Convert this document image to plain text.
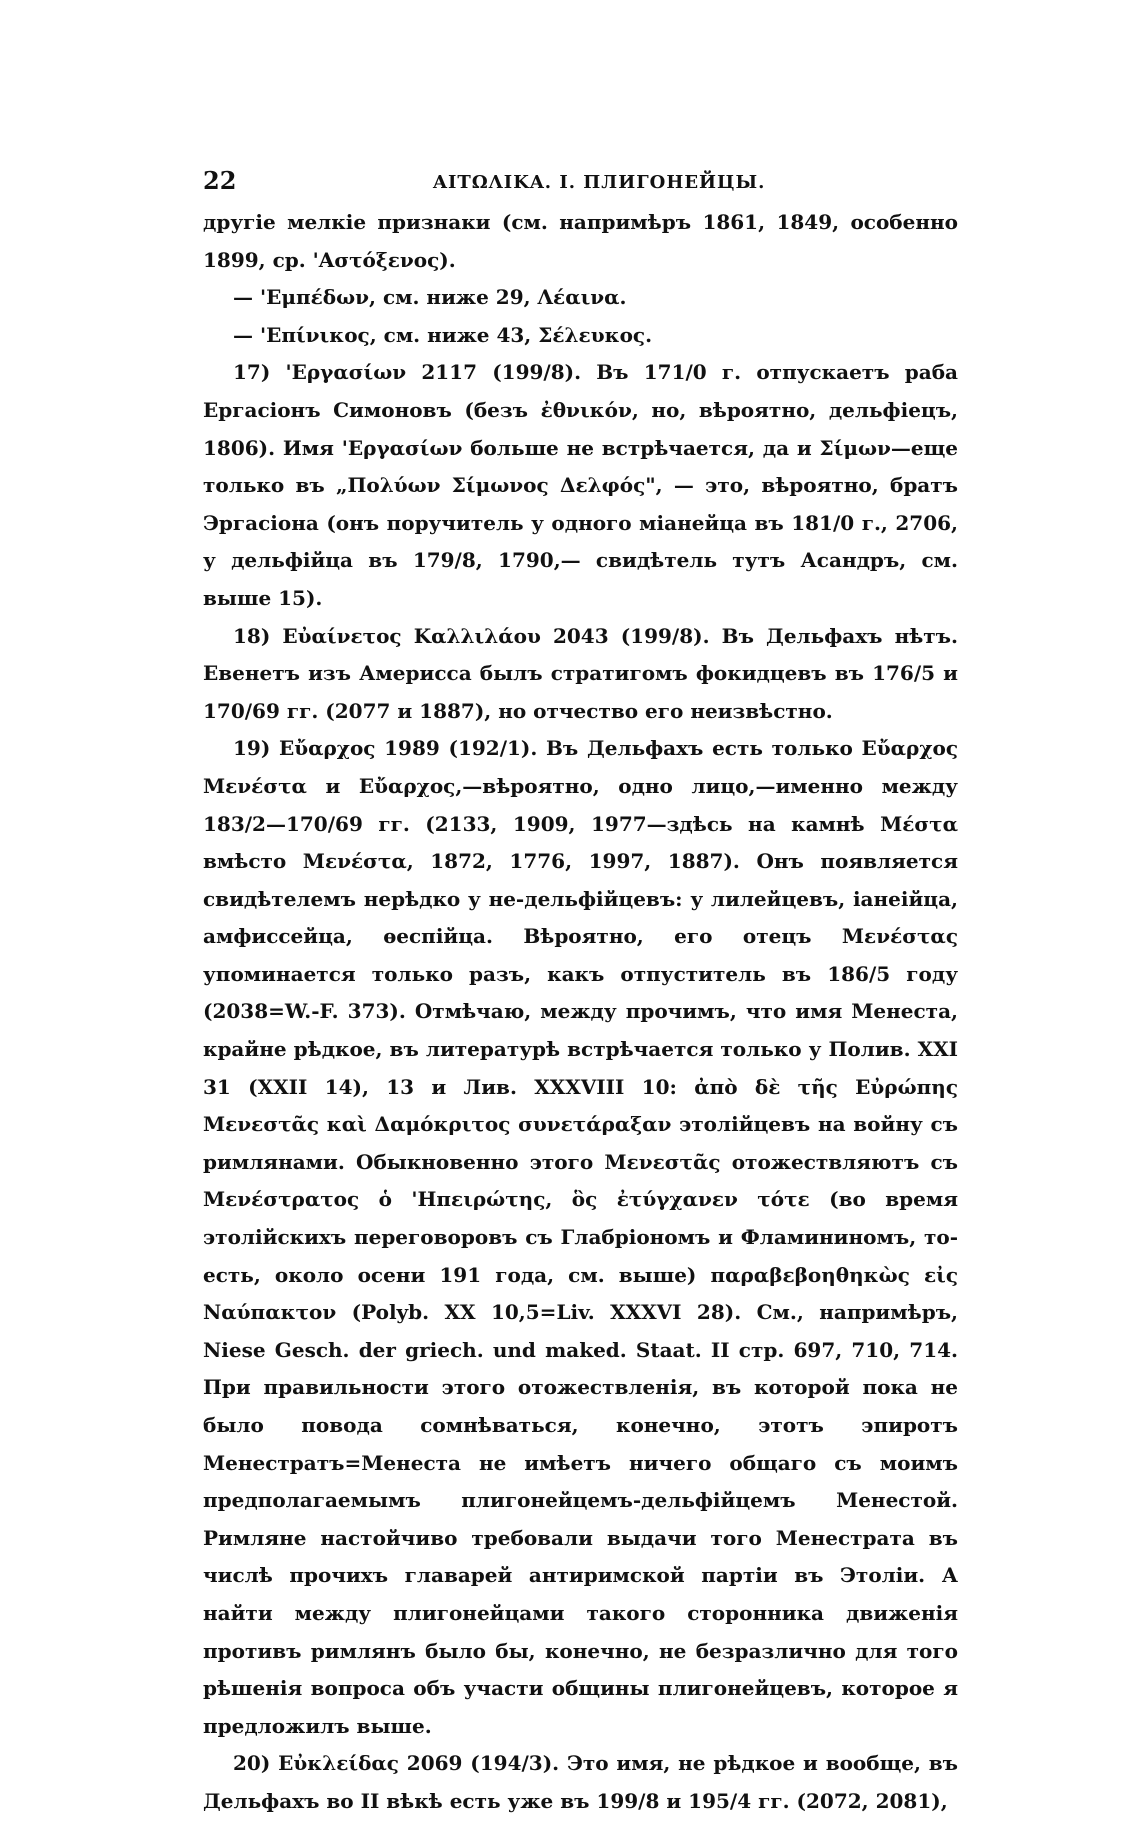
22	ΑΙΤΩΛΙΚΑ. I. ПЛИГОНЕЙЦЫ.

другіе мелкіе признаки (см. напримѣръ 1861, 1849, особенно 1899, ср. 'Αστόξενος).

— 'Εμπέδων, см. ниже 29, Λέαινα.

— 'Επίνικος, см. ниже 43, Σέλευκος.

17) 'Εργασίων 2117 (199/8). Въ 171/0 г. отпускаетъ раба Ергасіонъ Симоновъ (безъ ἐθνικόν, но, вѣроятно, дельфіецъ, 1806). Имя 'Εργασίων больше не встрѣчается, да и Σίμων—еще только въ „Πολύων Σίμωνος Δελφός", — это, вѣроятно, братъ Эргасіона (онъ поручитель у одного міанейца въ 181/0 г., 2706, у дельфійца въ 179/8, 1790,— свидѣтель тутъ Асандръ, см. выше 15).

18) Εὐαίνετος Καλλιλάου 2043 (199/8). Въ Дельфахъ нѣтъ. Евенетъ изъ Америсса былъ стратигомъ фокидцевъ въ 176/5 и 170/69 гг. (2077 и 1887), но отчество его неизвѣстно.

19) Εὔαρχος 1989 (192/1). Въ Дельфахъ есть только Εὔαρχος Μενέστα и Εὔαρχος,—вѣроятно, одно лицо,—именно между 183/2—170/69 гг. (2133, 1909, 1977—здѣсь на камнѣ Μέστα вмѣсто Μενέστα, 1872, 1776, 1997, 1887). Онъ появляется свидѣтелемъ нерѣдко у не-дельфійцевъ: у лилейцевъ, іанеійца, амфиссейца, ѳеспійца. Вѣроятно, его отецъ Μενέστας упоминается только разъ, какъ отпуститель въ 186/5 году (2038=W.-F. 373). Отмѣчаю, между прочимъ, что имя Менеста, крайне рѣдкое, въ литературѣ встрѣчается только у Полив. XXI 31 (XXII 14), 13 и Лив. XXXVIII 10: ἀπὸ δὲ τῆς Εὐρώπης Μενεστᾶς καὶ Δαμόκριτος συνετάραξαν этолійцевъ на войну съ римлянами. Обыкновенно этого Μενεστᾶς отожествляютъ съ Μενέστρατος ὁ 'Ηπειρώτης, ὃς ἐτύγχανεν τότε (во время этолійскихъ переговоровъ съ Глабріономъ и Фламининомъ, то-есть, около осени 191 года, см. выше) παραβεβοηθηκὼς εἰς Ναύπακτον (Polyb. XX 10,5=Liv. XXXVI 28). См., напримѣръ, Niese Gesch. der griech. und maked. Staat. II стр. 697, 710, 714. При правильности этого отожествленія, въ которой пока не было повода сомнѣваться, конечно, этотъ эпиротъ Менестратъ=Менеста не имѣетъ ничего общаго съ моимъ предполагаемымъ плигонейцемъ-дельфійцемъ Менестой. Римляне настойчиво требовали выдачи того Менестрата въ числѣ прочихъ главарей антиримской партіи въ Этоліи. А найти между плигонейцами такого сторонника движенія противъ римлянъ было бы, конечно, не безразлично для того рѣшенія вопроса объ участи общины плигонейцевъ, которое я предложилъ выше.

20) Εὐκλείδας 2069 (194/3). Это имя, не рѣдкое и вообще, въ Дельфахъ во II вѣкѣ есть уже въ 199/8 и 195/4 гг. (2072, 2081),
